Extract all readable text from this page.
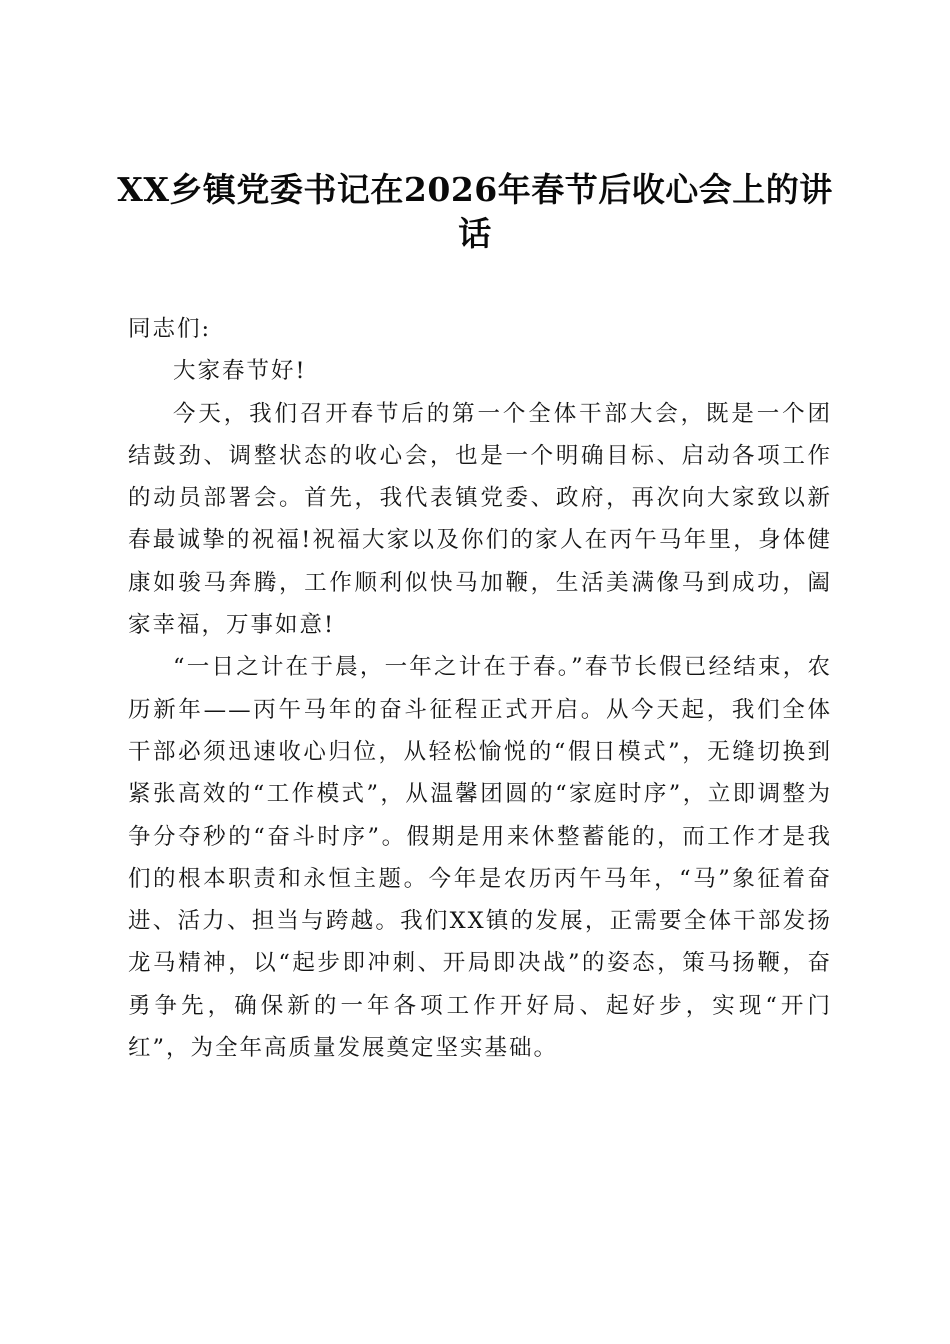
XX乡镇党委书记在2026年春节后收心会上的讲话

同志们:

大家春节好!

今天，我们召开春节后的第一个全体干部大会，既是一个团结鼓劲、调整状态的收心会，也是一个明确目标、启动各项工作的动员部署会。首先，我代表镇党委、政府，再次向大家致以新春最诚挚的祝福!祝福大家以及你们的家人在丙午马年里，身体健康如骏马奔腾，工作顺利似快马加鞭，生活美满像马到成功，阖家幸福，万事如意!

“一日之计在于晨，一年之计在于春。”春节长假已经结束，农历新年——丙午马年的奋斗征程正式开启。从今天起，我们全体干部必须迅速收心归位，从轻松愉悦的“假日模式”，无缝切换到紧张高效的“工作模式”，从温馨团圆的“家庭时序”，立即调整为争分夺秒的“奋斗时序”。假期是用来休整蓄能的，而工作才是我们的根本职责和永恒主题。今年是农历丙午马年，“马”象征着奋进、活力、担当与跨越。我们XX镇的发展，正需要全体干部发扬龙马精神，以“起步即冲刺、开局即决战”的姿态，策马扬鞭，奋勇争先，确保新的一年各项工作开好局、起好步，实现“开门红”，为全年高质量发展奠定坚实基础。
